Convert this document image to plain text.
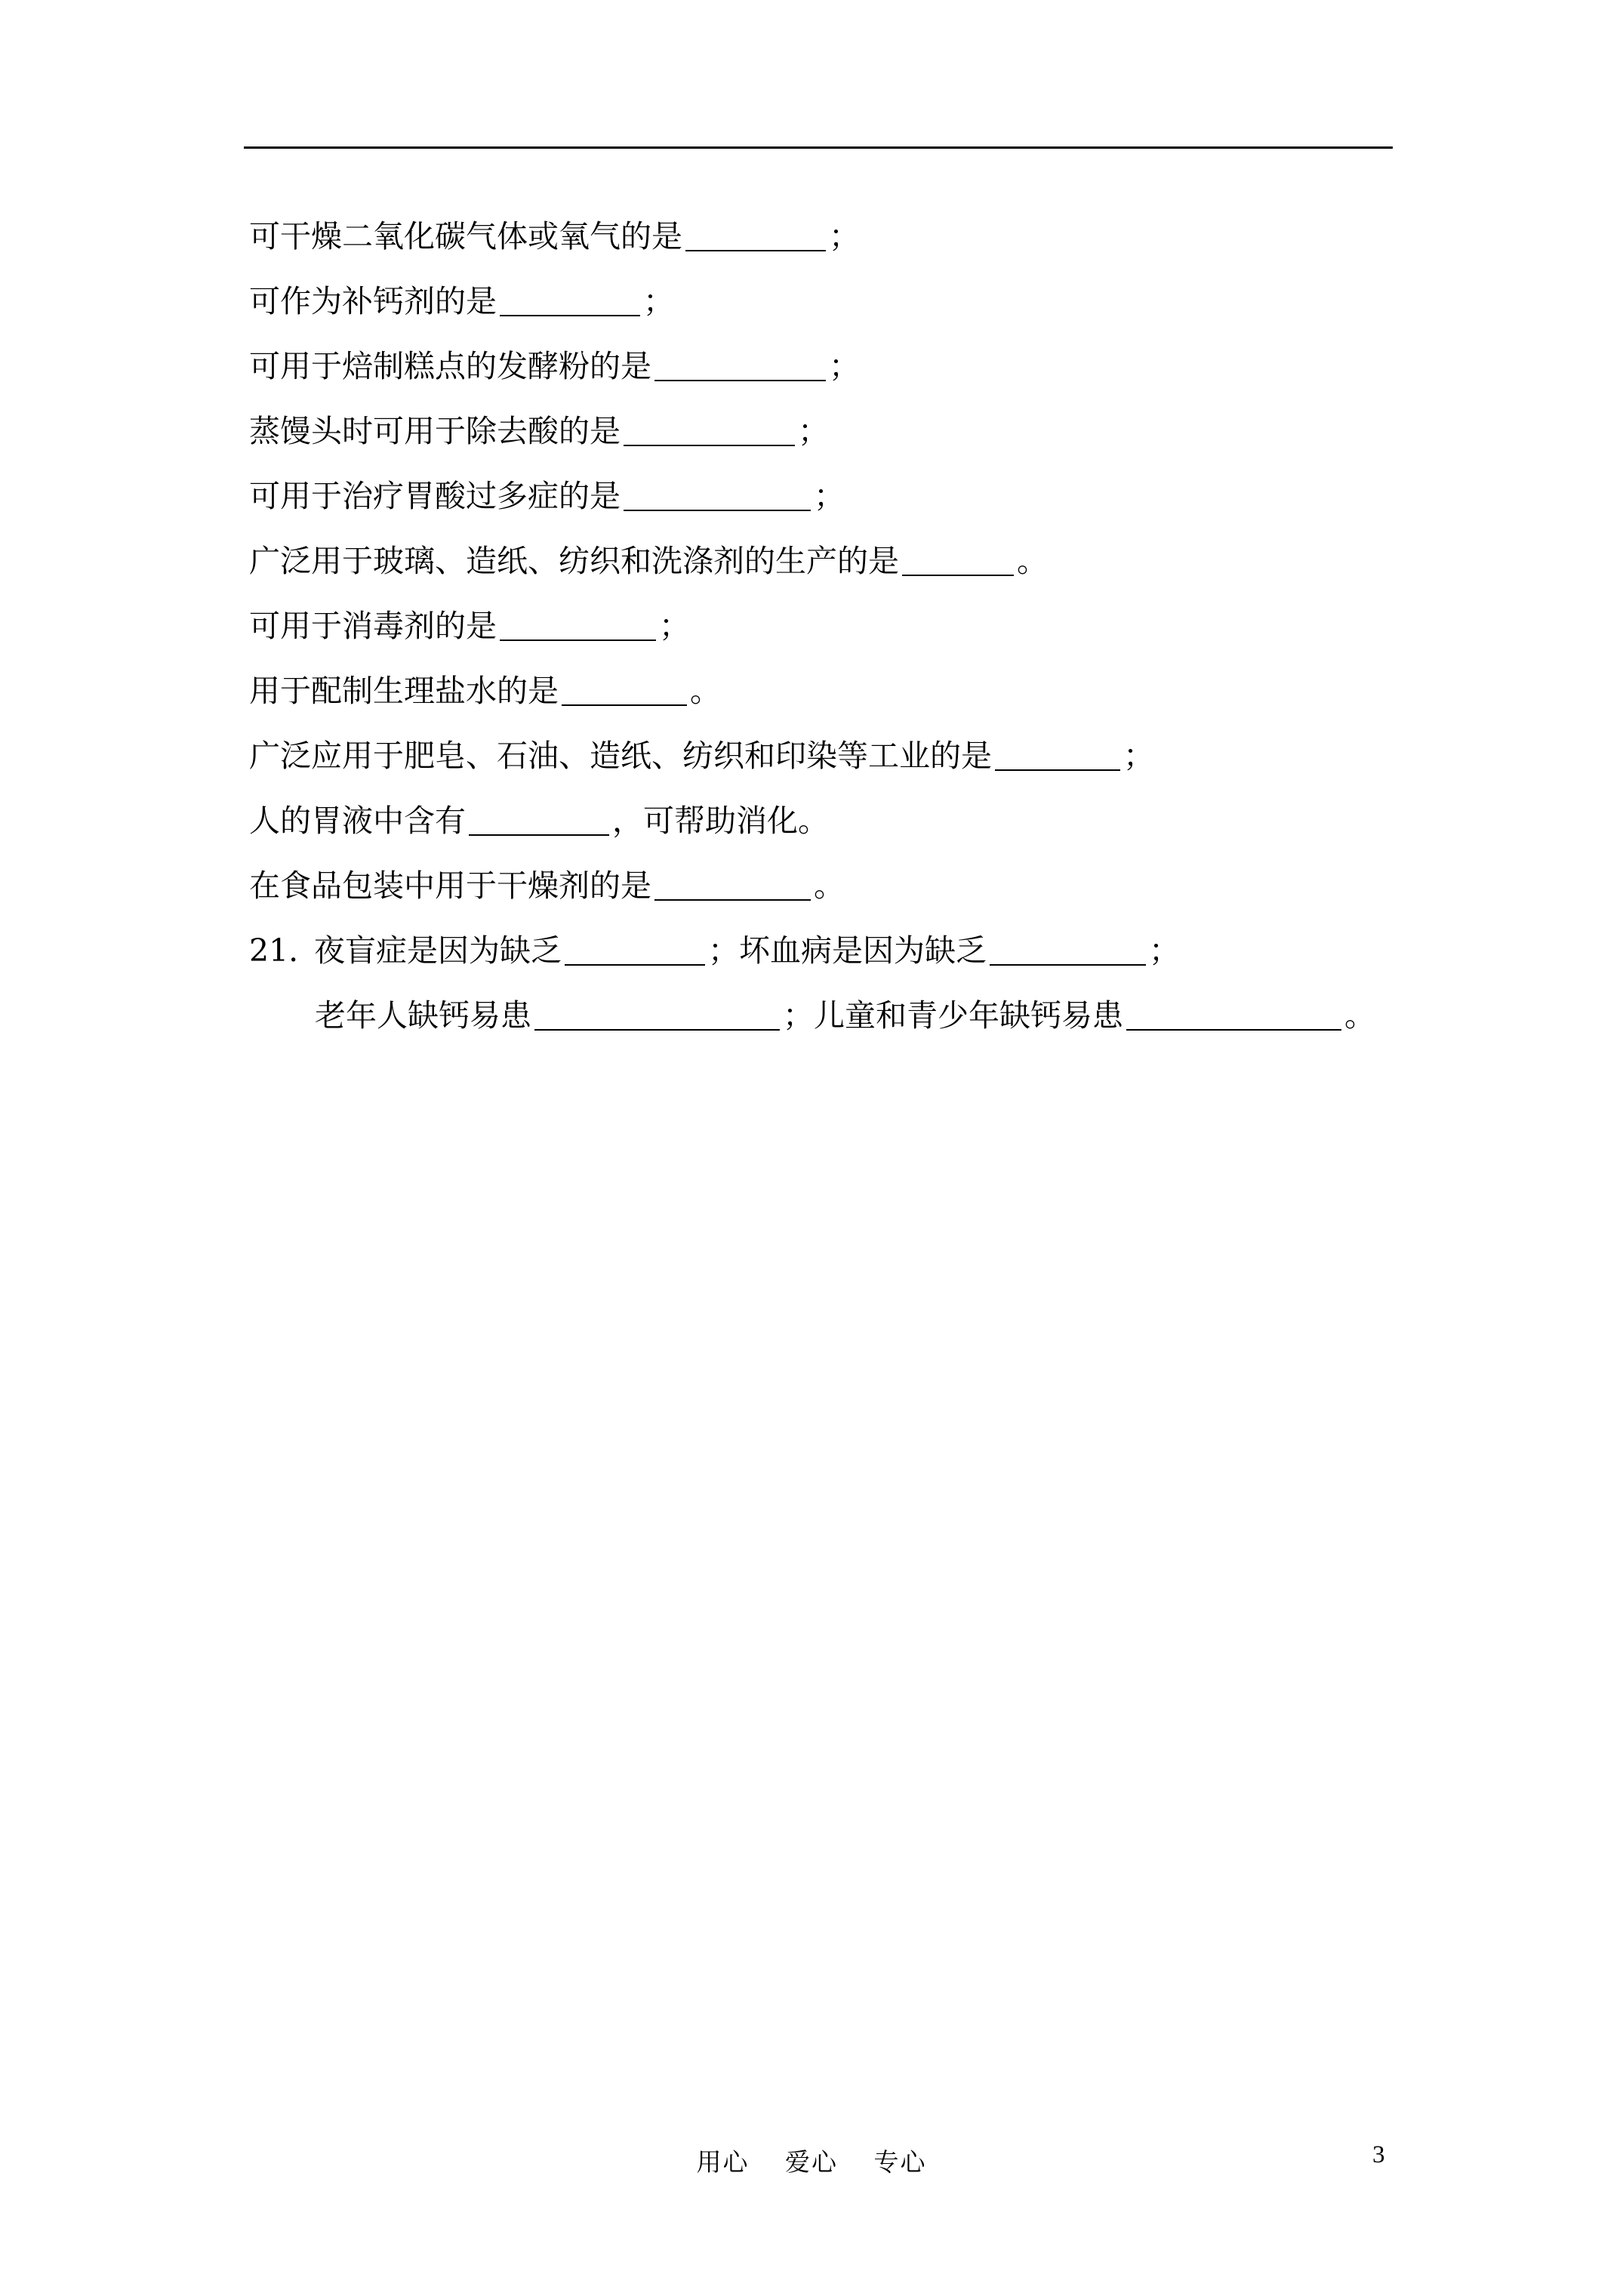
可干燥二氧化碳气体或氧气的是	；
可作为补钙剂的是	；
可用于焙制糕点的发酵粉的是	；
蒸馒头时可用于除去酸的是	；
可用于治疗胃酸过多症的是	；
广泛用于玻璃、造纸、纺织和洗涤剂的生产的是	。
可用于消毒剂的是	；
用于配制生理盐水的是	。
广泛应用于肥皂、石油、造纸、纺织和印染等工业的是	；
人的胃液中含有	，可帮助消化。
在食品包装中用于干燥剂的是	。
21. 夜盲症是因为缺乏	；坏血病是因为缺乏	；
老年人缺钙易患	；儿童和青少年缺钙易患	。
用心　 爱心　 专心	3
